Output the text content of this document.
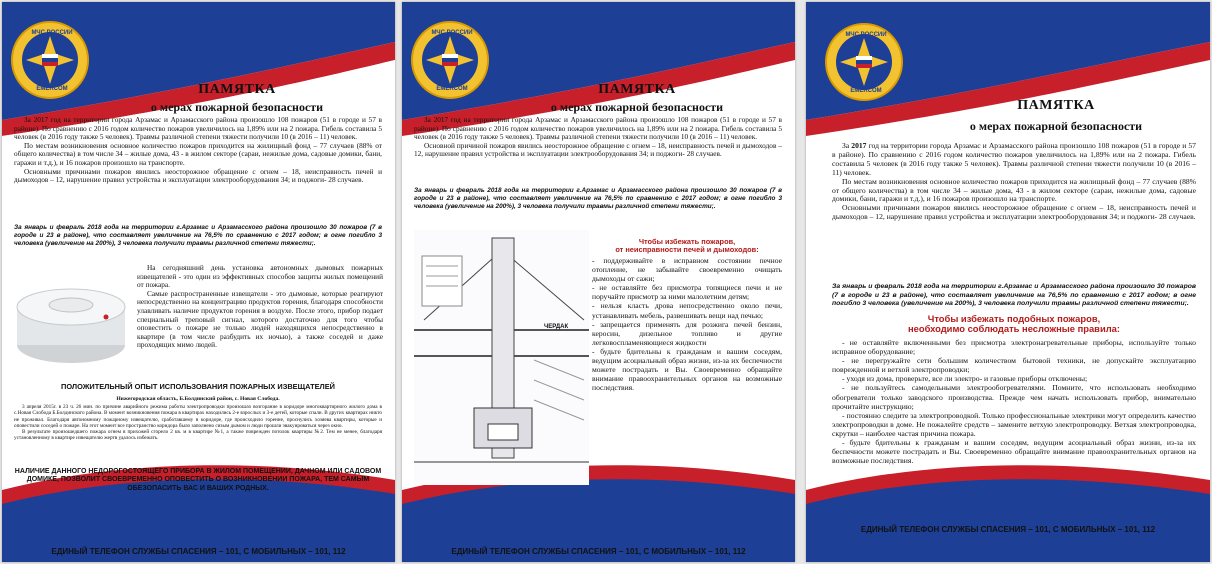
МЧС РОССИИ
EMERCOM	ПАМЯТКА
о мерах пожарной безопасности

За 2017 год на территории города Арзамас и Арзамасского района произошло 108 пожаров (51 в городе и 57 в районе). По сравнению с 2016 годом количество пожаров увеличилось на 1,89% или на 2 пожара. Гибель составила 5 человек (в 2016 году также 5 человек). Травмы различной степени тяжести получили 10 (в 2016 – 11) человек.

По местам возникновения основное количество пожаров приходится на жилищный фонд – 77 случаев (88% от общего количества) в том числе 34 – жилые дома, 43 - в жилом секторе (сараи, нежилые дома, садовые домики, бани, гаражи и т.д.), и 16 пожаров произошло на транспорте.

Основными причинами пожаров явились неосторожное обращение с огнем – 18, неисправность печей и дымоходов – 12, нарушение правил устройства и эксплуатации электрооборудования 34; и поджоги- 28 случаев.

За январь и февраль 2018 года на территории г.Арзамас и Арзамасского района произошло 30 пожаров (7 в городе и 23 в районе), что составляет увеличение на 76,5% по сравнению с 2017 годом; в огне погибло 3 человека (увеличение на 200%), 3 человека получили травмы различной степени тяжести;.

На сегодняшний день установка автономных дымовых пожарных извещателей - это один из эффективных способов защиты жилых помещений от пожара.

Самые распространенные извещатели - это дымовые, которые реагируют непосредственно на концентрацию продуктов горения, благодаря способности улавливать наличие продуктов горения в воздухе. После этого, прибор подает специальный треповый сигнал, которого достаточно для того чтобы оповестить о пожаре не только людей находящихся непосредственно в квартире (в том числе разбудить их ночью), а также соседей и даже проходящих мимо людей.

ПОЛОЖИТЕЛЬНЫЙ ОПЫТ ИСПОЛЬЗОВАНИЯ ПОЖАРНЫХ ИЗВЕЩАТЕЛЕЙ
Нижегородская область, Б.Болдинский район, с. Новая Слобода.

3 апреля 2015г. в 23 ч. 26 мин. по причине аварийного режима работы электропроводки произошло возгорание в коридоре многоквартирного жилого дома в с.Новая Слобода Б.Болдинского района. В момент возникновения пожара в квартирах находились 2-е взрослых и 3-е детей, которые спали. В других квартирах никто не проживал. Благодаря автономному пожарному извещателю, сработавшему в коридоре, где происходило горение, проснулись хозяева квартиры, которые и оповестили соседей о пожаре. На этот момент все пространство коридора было заполнено сизым дымом и люди прошли эвакуироваться через окно.

В результате произошедшего пожара огнем в прихожей сгорело 2 кв. м в квартире №1, а также поврежден потолок квартиры №2. Тем не менее, благодаря установленному в квартире извещателю жертв удалось избежать.

НАЛИЧИЕ ДАННОГО НЕДОРОГОСТОЯЩЕГО ПРИБОРА В ЖИЛОМ ПОМЕЩЕНИИ, ДАЧНОМ ИЛИ САДОВОМ ДОМИКЕ, ПОЗВОЛИТ СВОЕВРЕМЕННО ОПОВЕСТИТЬ О ВОЗНИКНОВЕНИИ ПОЖАРА, ТЕМ САМЫМ ОБЕЗОПАСИТЬ ВАС И ВАШИХ РОДНЫХ.
ЕДИНЫЙ ТЕЛЕФОН СЛУЖБЫ СПАСЕНИЯ – 101, С МОБИЛЬНЫХ – 101, 112
МЧС РОССИИ
EMERCOM	ПАМЯТКА
о мерах пожарной безопасности

За 2017 год на территории города Арзамас и Арзамасского района произошло 108 пожаров (51 в городе и 57 в районе). По сравнению с 2016 годом количество пожаров увеличилось на 1,89% или на 2 пожара. Гибель составила 5 человек (в 2016 году также 5 человек). Травмы различной степени тяжести получили 10 (в 2016 – 11) человек.

Основной причиной пожаров явились неосторожное обращение с огнем – 18, неисправность печей и дымоходов – 12, нарушение правил устройства и эксплуатации электрооборудования 34; и поджоги- 28 случаев.

За январь и февраль 2018 года на территории г.Арзамас и Арзамасского района произошло 30 пожаров (7 в городе и 23 в районе), что составляет увеличение на 76,5% по сравнению с 2017 годом; в огне погибло 3 человека (увеличение на 200%), 3 человека получили травмы различной степени тяжести;.
ЧЕРДАК
Чтобы избежать пожаров,
от неисправности печей и дымоходов:
- поддерживайте в исправном состоянии печное отопление, не забывайте своевременно очищать дымоходы от сажи;
- не оставляйте без присмотра топящиеся печи и не поручайте присмотр за ними малолетним детям;
- нельзя класть дрова непосредственно около печи, устанавливать мебель, развешивать вещи над печью;
- запрещается применять для розжига печей бензин, керосин, дизельное топливо и другие легковоспламеняющиеся жидкости
- будьте бдительны к гражданам и вашим соседям, ведущим асоциальный образ жизни, из-за их беспечности можете пострадать и Вы. Своевременно обращайте внимание правоохранительных органов на возможные последствия.
ЕДИНЫЙ ТЕЛЕФОН СЛУЖБЫ СПАСЕНИЯ – 101, С МОБИЛЬНЫХ – 101, 112
МЧС РОССИИ
EMERCOM
ПАМЯТКА
о мерах пожарной безопасности

За 2017 год на территории города Арзамас и Арзамасского района произошло 108 пожаров (51 в городе и 57 в районе). По сравнению с 2016 годом количество пожаров увеличилось на 1,89% или на 2 пожара. Гибель составила 5 человек (в 2016 году также 5 человек). Травмы различной степени тяжести получили 10 (в 2016 – 11) человек.

По местам возникновения основное количество пожаров приходится на жилищный фонд – 77 случаев (88% от общего количества) в том числе 34 – жилые дома, 43 - в жилом секторе (сараи, нежилые дома, садовые домики, бани, гаражи и т.д.), и 16 пожаров произошло на транспорте.

Основными причинами пожаров явились неосторожное обращение с огнем – 18, неисправность печей и дымоходов – 12, нарушение правил устройства и эксплуатации электрооборудования 34; и поджоги- 28 случаев.

За январь и февраль 2018 года на территории г.Арзамас и Арзамасского района произошло 30 пожаров (7 в городе и 23 в районе), что составляет увеличение на 76,5% по сравнению с 2017 годом; в огне погибло 3 человека (увеличение на 200%), 3 человека получили травмы различной степени тяжести;.
Чтобы избежать подобных пожаров,
необходимо соблюдать несложные правила:

- не оставляйте включенными без присмотра электронагревательные приборы, используйте только исправное оборудование;

- не перегружайте сети большим количеством бытовой техники, не допускайте эксплуатацию поврежденной и ветхой электропроводки;

- уходя из дома, проверьте, все ли электро- и газовые приборы отключены;

- не пользуйтесь самодельными электрообогревателями. Помните, что использовать необходимо обогреватели только заводского производства. Прежде чем начать использовать прибор, внимательно прочитайте инструкцию;

- постоянно следите за электропроводкой. Только профессиональные электрики могут определить качество электропроводки в доме. Не пожалейте средств – замените ветхую электропроводку. Ветхая электропроводка, скрутки – наиболее частая причина пожара.

- будьте бдительны к гражданам и вашим соседям, ведущим асоциальный образ жизни, из-за их беспечности можете пострадать и Вы. Своевременно обращайте внимание правоохранительных органов на возможные последствия.

ЕДИНЫЙ ТЕЛЕФОН СЛУЖБЫ СПАСЕНИЯ – 101, С МОБИЛЬНЫХ – 101, 112
